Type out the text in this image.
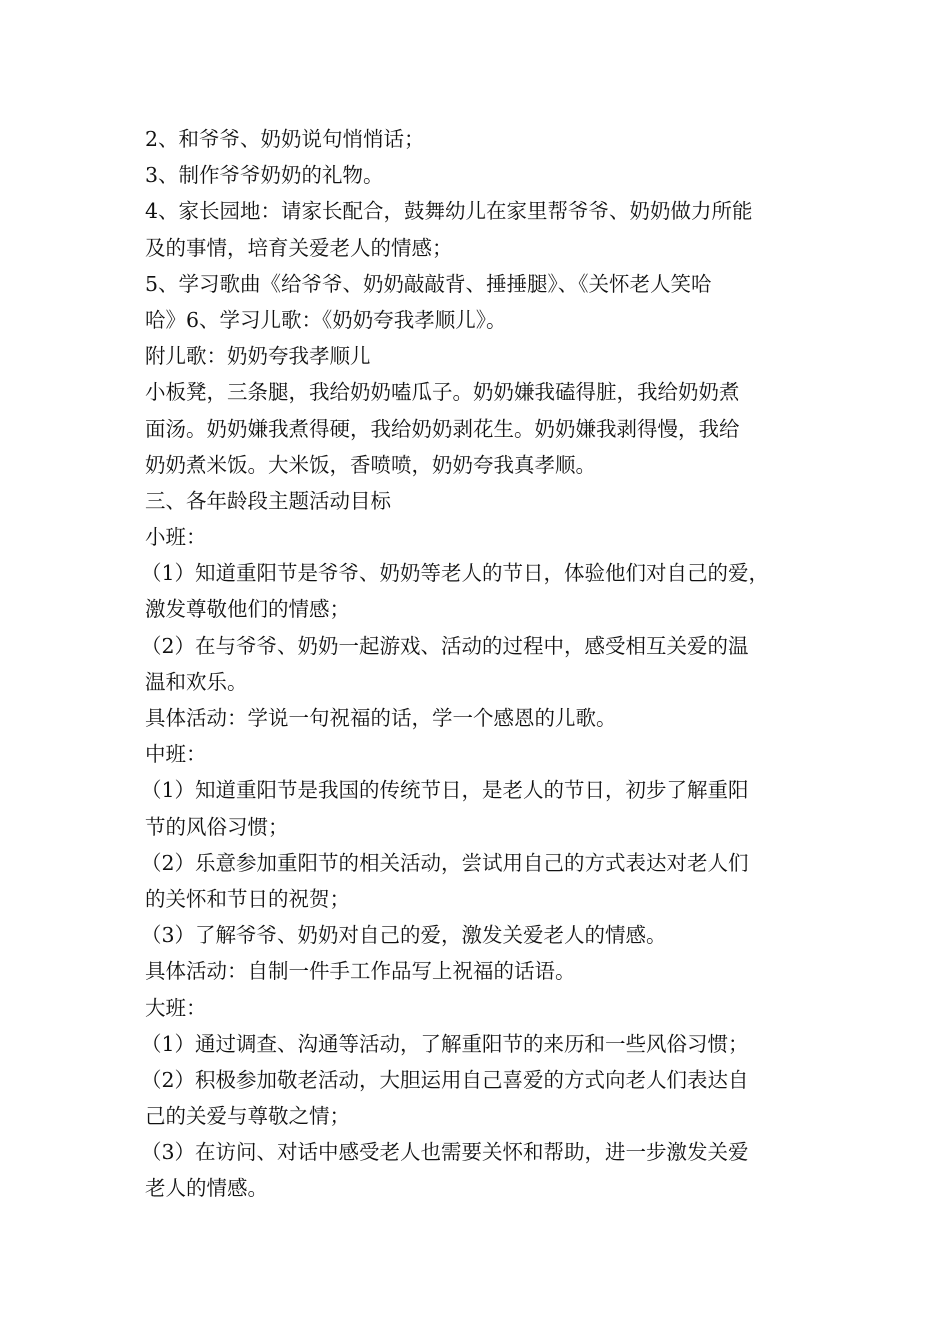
2、和爷爷、奶奶说句悄悄话；
3、制作爷爷奶奶的礼物。
4、家长园地：请家长配合，鼓舞幼儿在家里帮爷爷、奶奶做力所能
及的事情，培育关爱老人的情感；
5、学习歌曲《给爷爷、奶奶敲敲背、捶捶腿》、《关怀老人笑哈
哈》6、学习儿歌：《奶奶夸我孝顺儿》。
附儿歌：奶奶夸我孝顺儿
小板凳，三条腿，我给奶奶嗑瓜子。奶奶嫌我磕得脏，我给奶奶煮
面汤。奶奶嫌我煮得硬，我给奶奶剥花生。奶奶嫌我剥得慢，我给
奶奶煮米饭。大米饭，香喷喷，奶奶夸我真孝顺。
三、各年龄段主题活动目标
小班：
（1）知道重阳节是爷爷、奶奶等老人的节日，体验他们对自己的爱，
激发尊敬他们的情感；
（2）在与爷爷、奶奶一起游戏、活动的过程中，感受相互关爱的温
温和欢乐。
具体活动：学说一句祝福的话，学一个感恩的儿歌。
中班：
（1）知道重阳节是我国的传统节日，是老人的节日，初步了解重阳
节的风俗习惯；
（2）乐意参加重阳节的相关活动，尝试用自己的方式表达对老人们
的关怀和节日的祝贺；
（3）了解爷爷、奶奶对自己的爱，激发关爱老人的情感。
具体活动：自制一件手工作品写上祝福的话语。
大班：
（1）通过调查、沟通等活动，了解重阳节的来历和一些风俗习惯；
（2）积极参加敬老活动，大胆运用自己喜爱的方式向老人们表达自
己的关爱与尊敬之情；
（3）在访问、对话中感受老人也需要关怀和帮助，进一步激发关爱
老人的情感。
